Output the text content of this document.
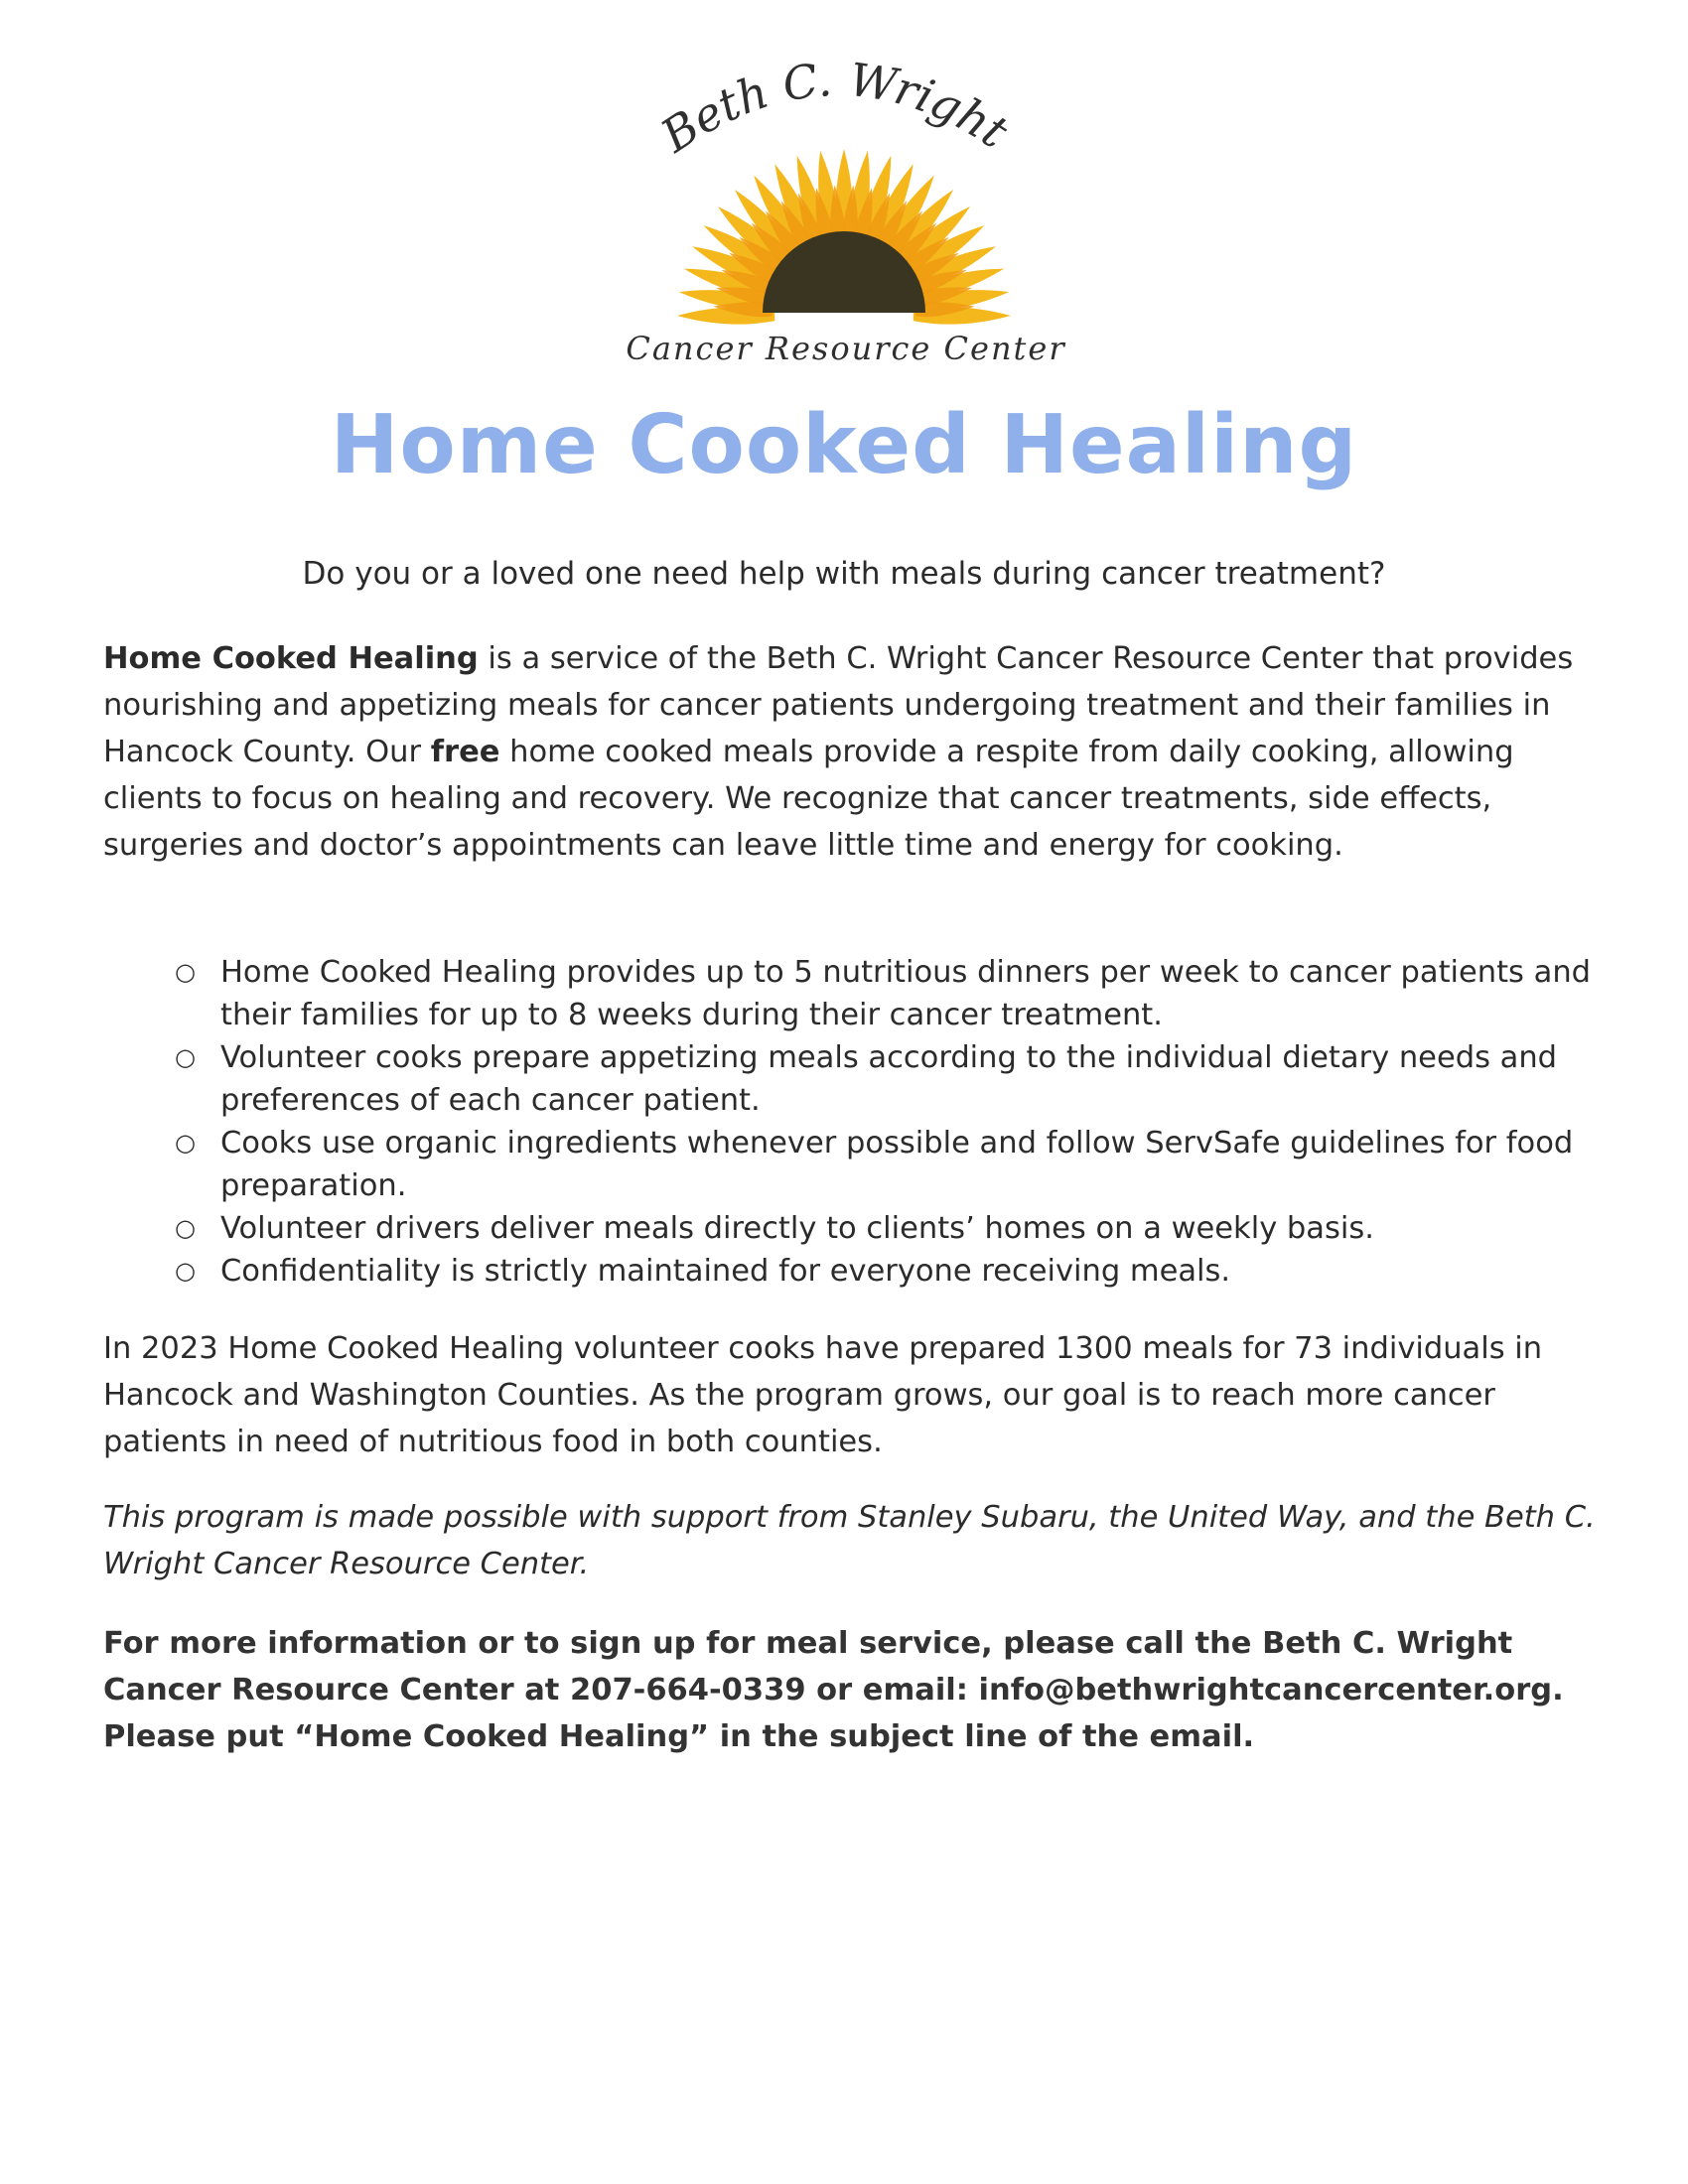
Beth C. Wright
Cancer Resource Center
Home Cooked Healing

Do you or a loved one need help with meals during cancer treatment?

Home Cooked Healing is a service of the Beth C. Wright Cancer Resource Center that provides nourishing and appetizing meals for cancer patients undergoing treatment and their families in Hancock County. Our free home cooked meals provide a respite from daily cooking, allowing clients to focus on healing and recovery. We recognize that cancer treatments, side effects, surgeries and doctor’s appointments can leave little time and energy for cooking.

○ Home Cooked Healing provides up to 5 nutritious dinners per week to cancer patients and their families for up to 8 weeks during their cancer treatment.
○ Volunteer cooks prepare appetizing meals according to the individual dietary needs and preferences of each cancer patient.
○ Cooks use organic ingredients whenever possible and follow ServSafe guidelines for food preparation.
○ Volunteer drivers deliver meals directly to clients’ homes on a weekly basis.
○ Confidentiality is strictly maintained for everyone receiving meals.

In 2023 Home Cooked Healing volunteer cooks have prepared 1300 meals for 73 individuals in Hancock and Washington Counties. As the program grows, our goal is to reach more cancer patients in need of nutritious food in both counties.

This program is made possible with support from Stanley Subaru, the United Way, and the Beth C. Wright Cancer Resource Center.

For more information or to sign up for meal service, please call the Beth C. Wright Cancer Resource Center at 207-664-0339 or email: info@bethwrightcancercenter.org. Please put “Home Cooked Healing” in the subject line of the email.
